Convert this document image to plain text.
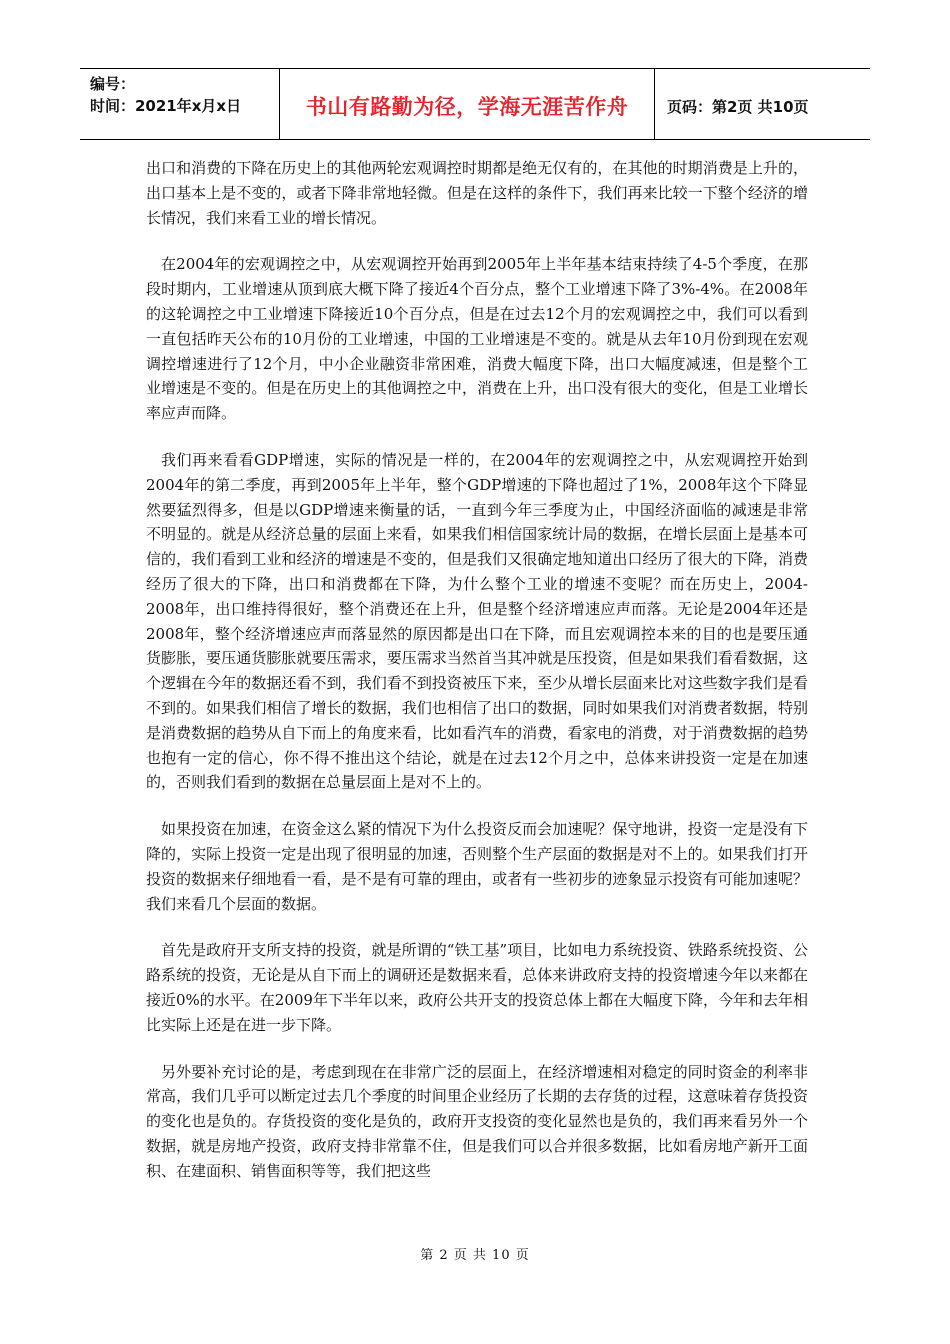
编号：
时间：2021年x月x日	书山有路勤为径，学海无涯苦作舟	页码：第2页 共10页

出口和消费的下降在历史上的其他两轮宏观调控时期都是绝无仅有的，在其他的时期消费是上升的，出口基本上是不变的，或者下降非常地轻微。但是在这样的条件下，我们再来比较一下整个经济的增长情况，我们来看工业的增长情况。

在2004年的宏观调控之中，从宏观调控开始再到2005年上半年基本结束持续了4-5个季度，在那段时期内，工业增速从顶到底大概下降了接近4个百分点，整个工业增速下降了3%-4%。在2008年的这轮调控之中工业增速下降接近10个百分点，但是在过去12个月的宏观调控之中，我们可以看到一直包括昨天公布的10月份的工业增速，中国的工业增速是不变的。就是从去年10月份到现在宏观调控增速进行了12个月，中小企业融资非常困难，消费大幅度下降，出口大幅度减速，但是整个工业增速是不变的。但是在历史上的其他调控之中，消费在上升，出口没有很大的变化，但是工业增长率应声而降。

我们再来看看GDP增速，实际的情况是一样的，在2004年的宏观调控之中，从宏观调控开始到2004年的第二季度，再到2005年上半年，整个GDP增速的下降也超过了1%，2008年这个下降显然要猛烈得多，但是以GDP增速来衡量的话，一直到今年三季度为止，中国经济面临的减速是非常不明显的。就是从经济总量的层面上来看，如果我们相信国家统计局的数据，在增长层面上是基本可信的，我们看到工业和经济的增速是不变的，但是我们又很确定地知道出口经历了很大的下降，消费经历了很大的下降，出口和消费都在下降，为什么整个工业的增速不变呢？而在历史上，2004-2008年，出口维持得很好，整个消费还在上升，但是整个经济增速应声而落。无论是2004年还是2008年，整个经济增速应声而落显然的原因都是出口在下降，而且宏观调控本来的目的也是要压通货膨胀，要压通货膨胀就要压需求，要压需求当然首当其冲就是压投资，但是如果我们看看数据，这个逻辑在今年的数据还看不到，我们看不到投资被压下来，至少从增长层面来比对这些数字我们是看不到的。如果我们相信了增长的数据，我们也相信了出口的数据，同时如果我们对消费者数据，特别是消费数据的趋势从自下而上的角度来看，比如看汽车的消费，看家电的消费，对于消费数据的趋势也抱有一定的信心，你不得不推出这个结论，就是在过去12个月之中，总体来讲投资一定是在加速的，否则我们看到的数据在总量层面上是对不上的。

如果投资在加速，在资金这么紧的情况下为什么投资反而会加速呢？保守地讲，投资一定是没有下降的，实际上投资一定是出现了很明显的加速，否则整个生产层面的数据是对不上的。如果我们打开投资的数据来仔细地看一看，是不是有可靠的理由，或者有一些初步的迹象显示投资有可能加速呢？我们来看几个层面的数据。

首先是政府开支所支持的投资，就是所谓的“铁工基”项目，比如电力系统投资、铁路系统投资、公路系统的投资，无论是从自下而上的调研还是数据来看，总体来讲政府支持的投资增速今年以来都在接近0%的水平。在2009年下半年以来，政府公共开支的投资总体上都在大幅度下降，今年和去年相比实际上还是在进一步下降。

另外要补充讨论的是，考虑到现在在非常广泛的层面上，在经济增速相对稳定的同时资金的利率非常高，我们几乎可以断定过去几个季度的时间里企业经历了长期的去存货的过程，这意味着存货投资的变化也是负的。存货投资的变化是负的，政府开支投资的变化显然也是负的，我们再来看另外一个数据，就是房地产投资，政府支持非常靠不住，但是我们可以合并很多数据，比如看房地产新开工面积、在建面积、销售面积等等，我们把这些

第 2 页 共 10 页
